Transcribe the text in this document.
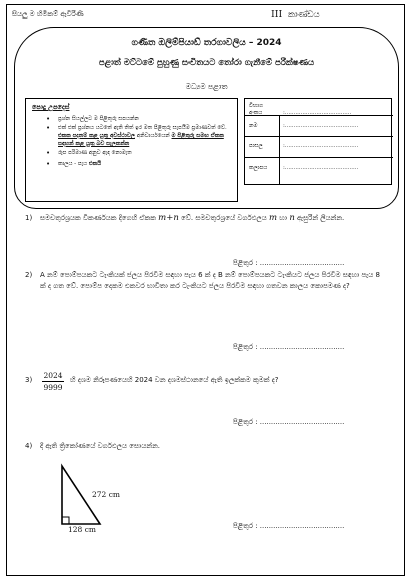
සියලු ම හිමිකම් ඇවිරිණි	III කාණ්ඩය
ගණිත ඔලිම්පියාඩ් තරගාවලිය – 2024
පළාත් මට්ටමේ පුහුණු සංචිතයට තෝරා ගැනීමේ පරීක්ෂණය
මධ්‍යම පළාත
පොදු උපදෙස්
• ප්‍රශ්න සියල්ලට ම පිළිතුරු සපයන්න
• එක් එක් ප්‍රශ්නය යටතේ ඇති තිත් ඉර මත පිළිතුරු සැපයීම ප්‍රමාණවත් වේ. එකක පදනම් කළ යුතු අවස්ථාවල අනිවාර්යයෙන් ම පිළිතුරු සමඟ ඒකක සඳහන් කළ යුතු බව සැලකන්න
• රූප පරිමාණ අනුව ඇඳ නොමැත
• කාලය - පැය එකයි
විභාග අංකය	:......................................
නම	:..........................................
පාසල	:..........................................
කලාපය	:..........................................
1) සමචතුරශ්‍රයක විකර්ණයක දිගෙහි ඒකක m+n වේ. සමචතුරශ්‍රයේ වර්ගඵලය m හා n ඇසුරින් ලියන්න.
පිළිතුර : ......................................
2) A නම් පොම්පයකට ටැංකියක් ජලය පිරවීම සඳහා පැය 6 ක් ද B නම් පොම්පයකට ටැංකියට ජලය පිරවීම සඳහා පැය 8 ක් ද ගත වේ. පොම්ප දෙකම එකවර භාවිතා කර ටැංකියට ජලය පිරවීම සඳහා ගතවන කාලය කොපමණ ද?
පිළිතුර : ......................................
3)	හි දශම නිරූපණයෙහි 2024 වන දශමස්ථානයේ ඇති ඉලක්කම කුමක් ද?
2024
9999
පිළිතුර : ......................................
4) දී ඇති ත්‍රිකෝණයේ වර්ගඵලය සොයන්න.
272 cm
128 cm	පිළිතුර : ......................................
